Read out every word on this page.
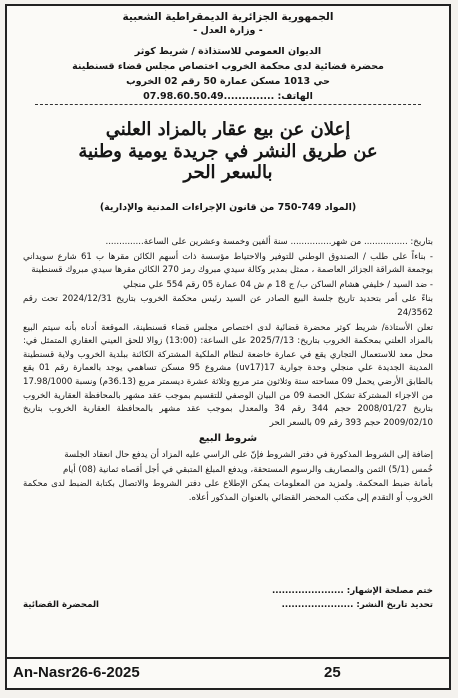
الجمهورية الجزائرية الديمقراطية الشعبية
- وزارة العدل -
الديوان العمومي للاستذاذة / شريط كوثر
محضرة قضائية لدى محكمة الخروب اختصاص مجلس قضاء قسنطينة
حي 1013 مسكن عمارة 50 رقم 02 الخروب
الهاتف: ..............07.98.60.50.49
إعلان عن بيع عقار بالمزاد العلني
عن طريق النشر في جريدة يومية وطنية
بالسعر الحر
(المواد 749-750 من قانون الإجراءات المدنية والإدارية)

بتاريخ: ................ من شهر............... سنة ألفين وخمسة وعشرين على الساعة..............

- بناءاً على طلب / الصندوق الوطني للتوفير والاحتياط مؤسسة ذات أسهم الكائن مقرها ب 61 شارع سويداني بوجمعة الشراقة الجزائر العاصمة ، ممثل بمدير وكالة سيدي مبروك رمز 270 الكائن مقرها سيدي مبروك قسنطينة

- ضد السيد / خليفي هشام الساكن ب/ ج 18 م ش 04 عمارة 05 رقم 554 علي منجلي

بناءً على أمر بتحديد تاريخ جلسة البيع الصادر عن السيد رئيس محكمة الخروب بتاريخ 2024/12/31 تحت رقم 24/3562

تعلن الأستاذة/ شريط كوثر محضرة قضائية لدى اختصاص مجلس قضاء قسنطينة، الموقعة أدناه بأنه سيتم البيع بالمزاد العلني بمحكمة الخروب بتاريخ: 2025/7/13 على الساعة: (13:00) زوالا للحق العيني العقاري المتمثل في: محل معد للاستعمال التجاري يقع في عمارة خاضعة لنظام الملكية المشتركة الكائنة ببلدية الخروب ولاية قسنطينة المدينة الجديدة علي منجلي وحدة جوارية 17(uv17) مشروع 95 مسكن تساهمي يوجد بالعمارة رقم 01 يقع بالطابق الأرضي يحمل 09 مساحته ستة وثلاثون متر مربع وثلاثة عشرة ديسمتر مربع (36.13م) ونسبة 17.98/1000 من الاجزاء المشتركة تشكل الحصة 09 من البيان الوصفي للتقسيم بموجب عقد مشهر بالمحافظة العقارية الخروب بتاريخ 2008/01/27 حجم 344 رقم 34 والمعدل بموجب عقد مشهر بالمحافظة العقارية الخروب بتاريخ 2009/02/10 حجم 393 رقم 09 بالسعر الحر

شروط البيع

إضافة إلى الشروط المذكورة في دفتر الشروط فإنّ على الراسي عليه المزاد أن يدفع حال انعقاد الجلسة

خُمس (5/1) الثمن والمصاريف والرسوم المستحقة، ويدفع المبلغ المتبقي في أجل أقصاه ثمانية (08) أيام

بأمانة ضبط المحكمة. ولمزيد من المعلومات يمكن الإطلاع على دفتر الشروط والاتصال بكتابة الضبط لدى محكمة الخروب أو التقدم إلى مكتب المحضر القضائي بالعنوان المذكور أعلاه.

ختم مصلحة الإشهار: ......................
تحديد تاريخ النشر: ......................
المحضرة القضائية
An-Nasr26-6-2025	25
